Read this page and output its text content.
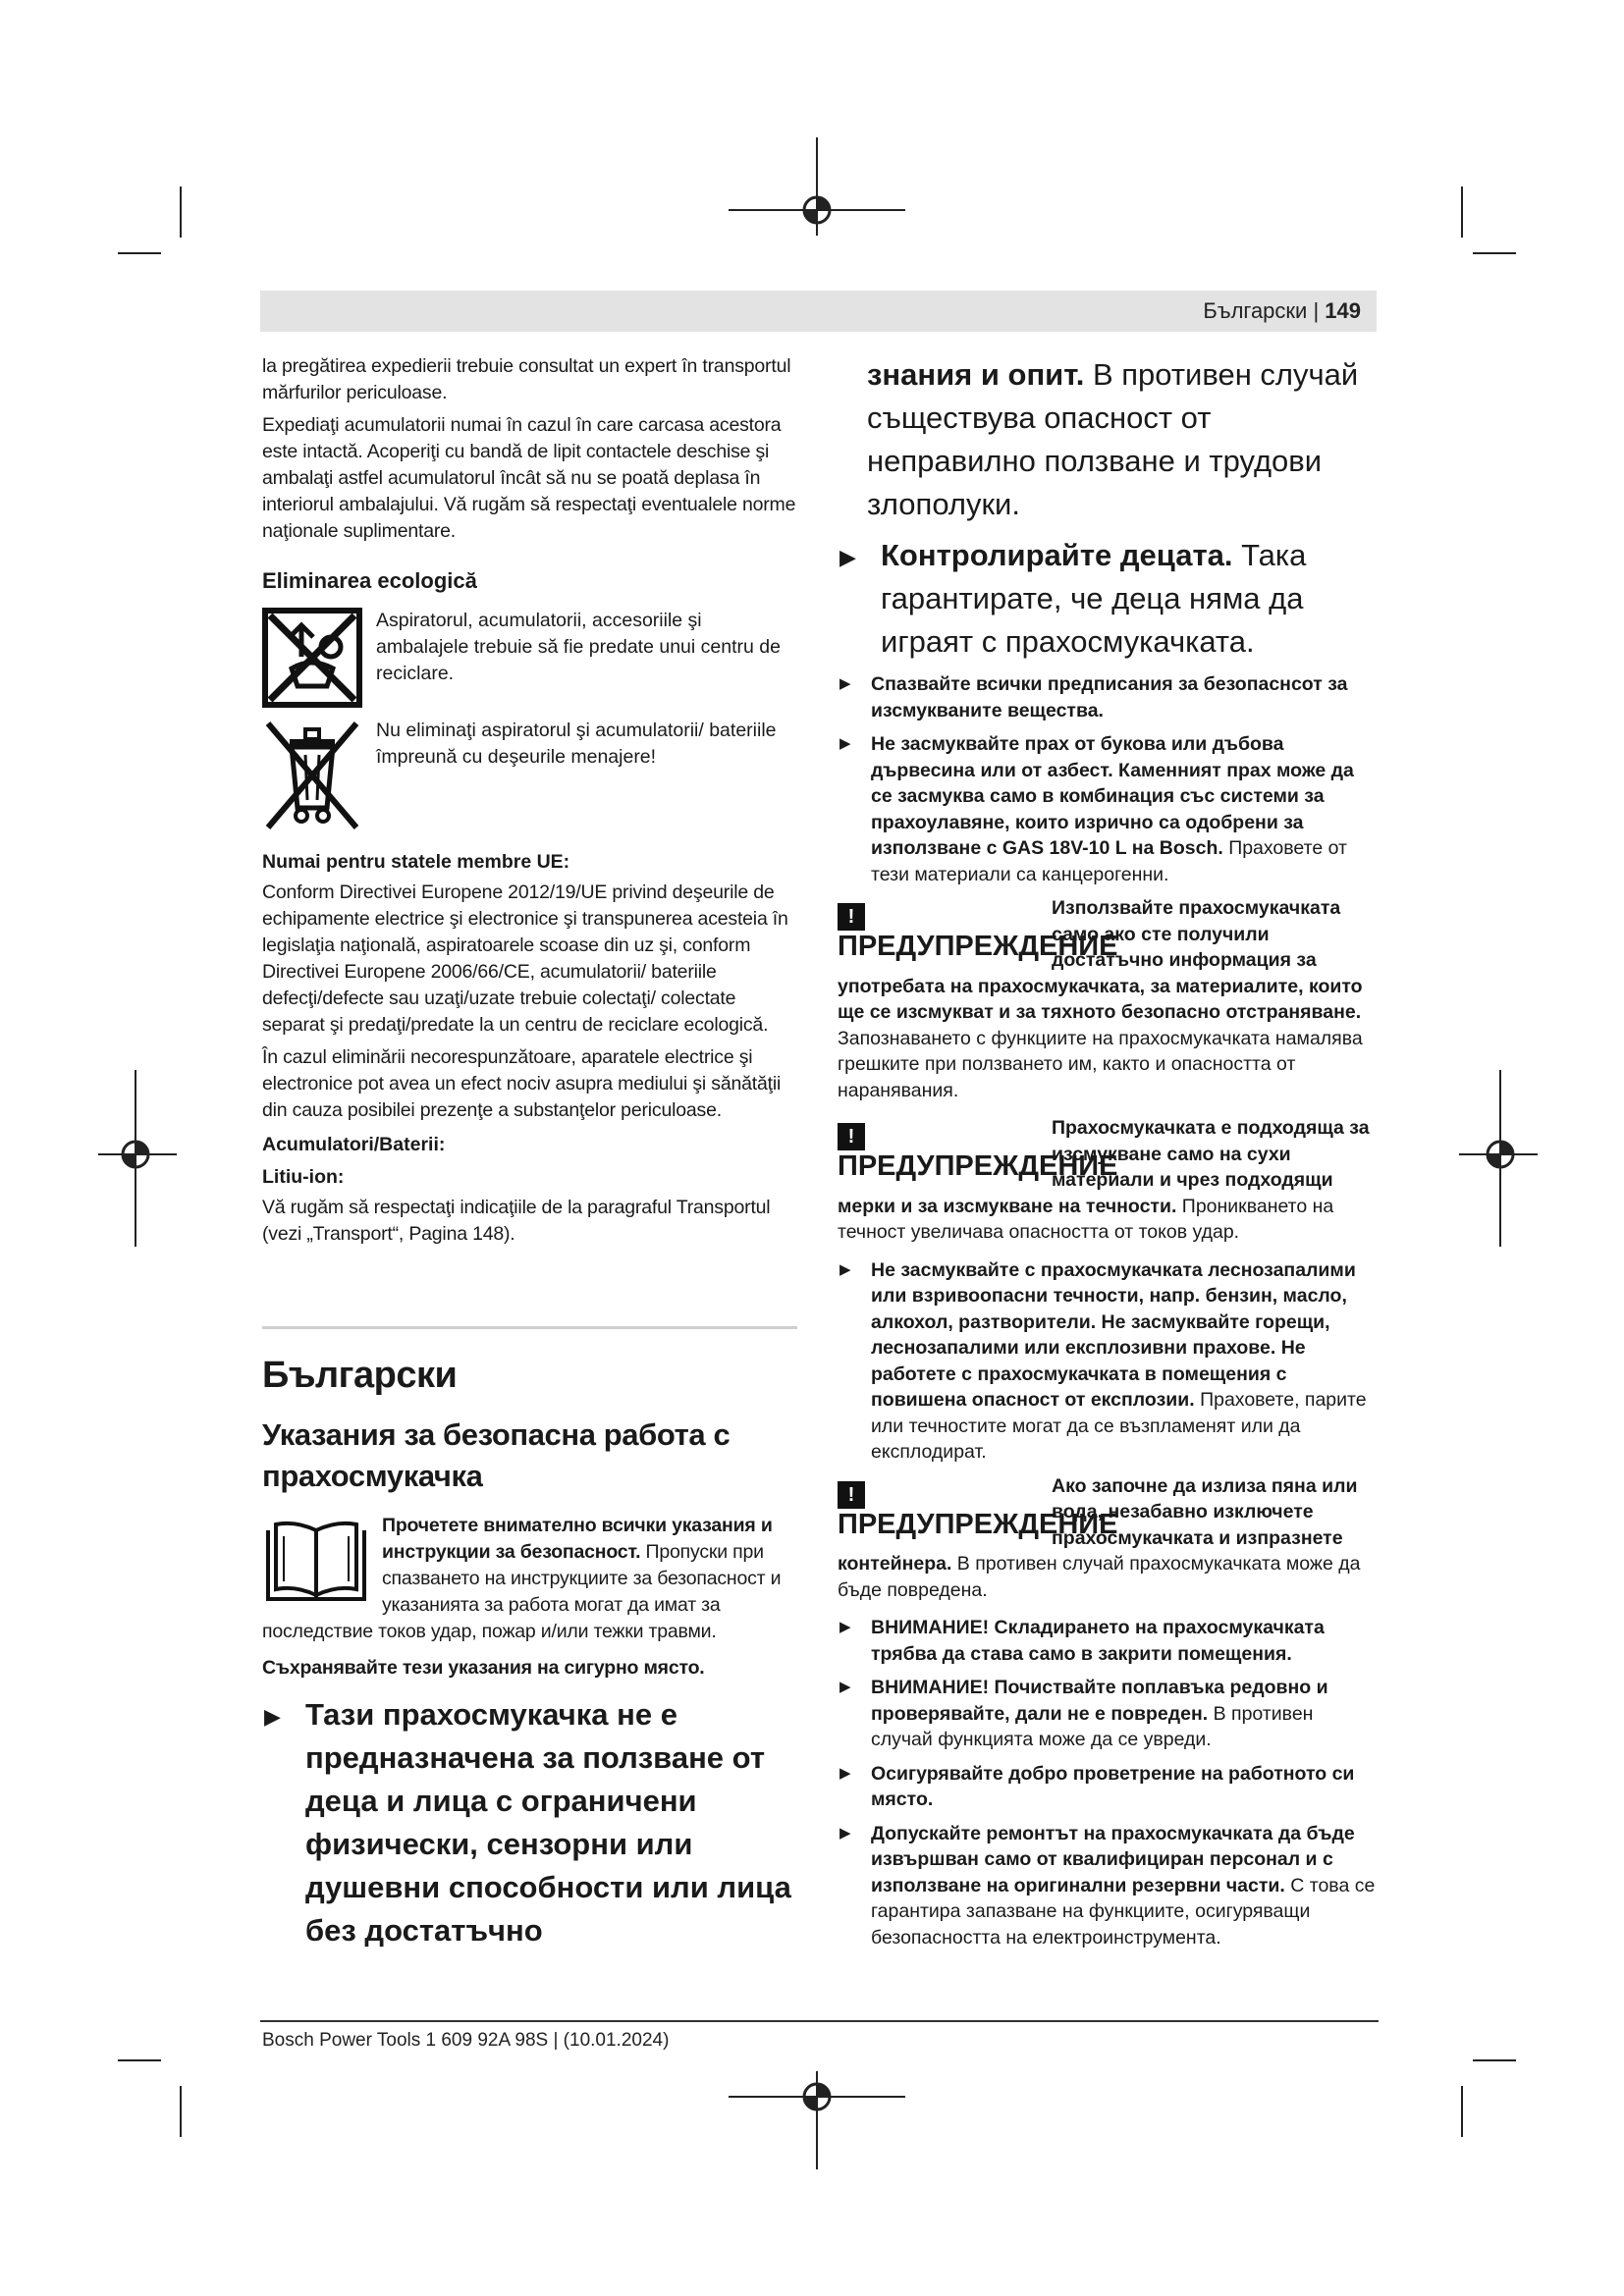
Български | 149

la pregătirea expedierii trebuie consultat un expert în transportul mărfurilor periculoase.

Expediaţi acumulatorii numai în cazul în care carcasa acestora este intactă. Acoperiţi cu bandă de lipit contactele deschise şi ambalaţi astfel acumulatorul încât să nu se poată deplasa în interiorul ambalajului. Vă rugăm să respectaţi eventualele norme naţionale suplimentare.

Eliminarea ecologică
Aspiratorul, acumulatorii, accesoriile şi ambalajele trebuie să fie predate unui centru de reciclare.
Nu eliminaţi aspiratorul şi acumulatorii/ bateriile împreună cu deşeurile menajere!
Numai pentru statele membre UE:

Conform Directivei Europene 2012/19/UE privind deşeurile de echipamente electrice şi electronice şi transpunerea acesteia în legislaţia naţională, aspiratoarele scoase din uz şi, conform Directivei Europene 2006/66/CE, acumulatorii/ bateriile defecţi/defecte sau uzaţi/uzate trebuie colectaţi/ colectate separat şi predaţi/predate la un centru de reciclare ecologică.

În cazul eliminării necorespunzătoare, aparatele electrice şi electronice pot avea un efect nociv asupra mediului şi sănătăţii din cauza posibilei prezenţe a substanţelor periculoase.

Acumulatori/Baterii:
Litiu-ion:

Vă rugăm să respectaţi indicaţiile de la paragraful Transportul (vezi „Transport“, Pagina 148).

Български
Указания за безопасна работа с прахосмукачка
Прочетете внимателно всички указания и инструкции за безопасност. Пропуски при спазването на инструкциите за безопасност и указанията за работа могат да имат за последствие токов удар, пожар и/или тежки травми.

Съхранявайте тези указания на сигурно място.

▶ Тази прахосмукачка не е предназначена за ползване от деца и лица с ограничени физически, сензорни или душевни способности или лица без достатъчно

знания и опит. В противен случай съществува опасност от неправилно ползване и трудови злополуки.

▶ Контролирайте децата. Така гарантирате, че деца няма да играят с прахосмукачката.
▶ Спазвайте всички предписания за безопаснсот за изсмукваните вещества.
▶ Не засмуквайте прах от букова или дъбова дървесина или от азбест. Каменният прах може да се засмуква само в комбинация със системи за прахоулавяне, които изрично са одобрени за използване с GAS 18V-10 L на Bosch. Праховете от тези материали са канцерогенни.
!ПРЕДУПРЕЖДЕНИЕ
Използвайте прахосмукачката само ако сте получили достатъчно информация за употребата на прахосмукачката, за материалите, които ще се изсмукват и за тяхното безопасно отстраняване. Запознаването с функциите на прахосмукачката намалява грешките при ползването им, както и опасността от наранявания.
!ПРЕДУПРЕЖДЕНИЕ
Прахосмукачката е подходяща за изсмукване само на сухи материали и чрез подходящи мерки и за изсмукване на течности. Проникването на течност увеличава опасността от токов удар.
▶ Не засмуквайте с прахосмукачката леснозапалими или взривоопасни течности, напр. бензин, масло, алкохол, разтворители. Не засмуквайте горещи, леснозапалими или експлозивни прахове. Не работете с прахосмукачката в помещения с повишена опасност от експлозии. Праховете, парите или течностите могат да се възпламенят или да експлодират.
!ПРЕДУПРЕЖДЕНИЕ
Ако започне да излиза пяна или вода, незабавно изключете прахосмукачката и изпразнете контейнера. В противен случай прахосмукачката може да бъде повредена.
▶ ВНИМАНИЕ! Складирането на прахосмукачката трябва да става само в закрити помещения.
▶ ВНИМАНИЕ! Почиствайте поплавъка редовно и проверявайте, дали не е повреден. В противен случай функцията може да се увреди.
▶ Осигурявайте добро проветрение на работното си място.
▶ Допускайте ремонтът на прахосмукачката да бъде извършван само от квалифициран персонал и с използване на оригинални резервни части. С това се гарантира запазване на функциите, осигуряващи безопасността на електроинструмента.
Bosch Power Tools 1 609 92A 98S | (10.01.2024)
